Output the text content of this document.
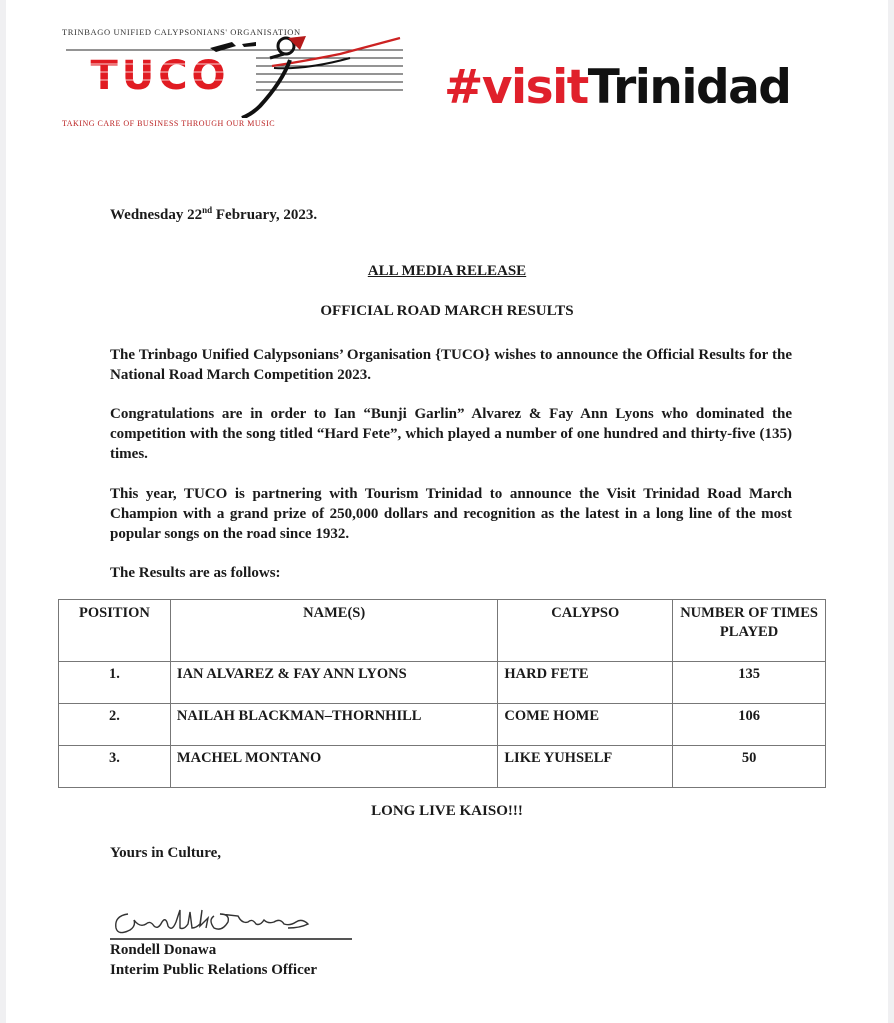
TRINBAGO UNIFIED CALYPSONIANS' ORGANISATION
TUCO
TAKING CARE OF BUSINESS THROUGH OUR MUSIC
#visitTrinidad
Wednesday 22nd February, 2023.
ALL MEDIA RELEASE
OFFICIAL ROAD MARCH RESULTS

The Trinbago Unified Calypsonians’ Organisation {TUCO} wishes to announce the Official Results for the National Road March Competition 2023.

Congratulations are in order to Ian “Bunji Garlin” Alvarez & Fay Ann Lyons who dominated the competition with the song titled “Hard Fete”, which played a number of one hundred and thirty-five (135) times.

This year, TUCO is partnering with Tourism Trinidad to announce the Visit Trinidad Road March Champion with a grand prize of 250,000 dollars and recognition as the latest in a long line of the most popular songs on the road since 1932.

The Results are as follows:

POSITION	NAME(S)	CALYPSO	NUMBER OF TIMES PLAYED
1.	IAN ALVAREZ & FAY ANN LYONS	HARD FETE	135
2.	NAILAH BLACKMAN–THORNHILL	COME HOME	106
3.	MACHEL MONTANO	LIKE YUHSELF	50
LONG LIVE KAISO!!!
Yours in Culture,
Rondell Donawa
Interim Public Relations Officer
